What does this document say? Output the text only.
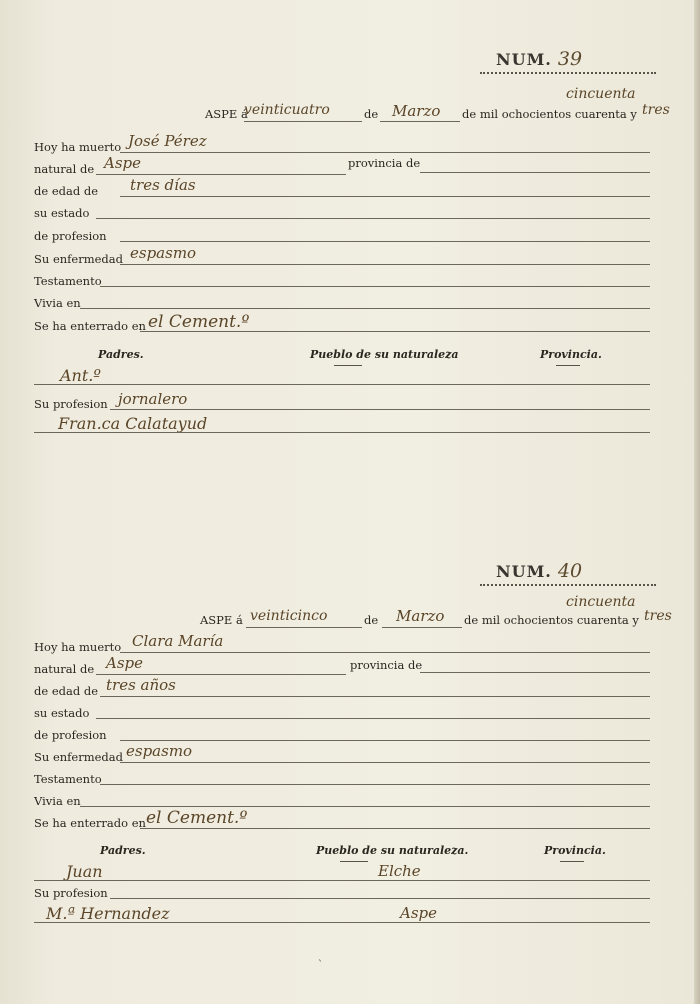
NUM. 39
cincuenta
ASPE á
veinticuatro	de Marzo de mil ochocientos cuarenta y tres
Hoy ha muerto José Pérez
natural de Aspe	provincia de
de edad de tres días
su estado
de profesion
Su enfermedad espasmo
Testamento
Vivia en
Se ha enterrado en el Cement.º
Padres.	Pueblo de su naturaleza	Provincia.
Ant.º
Su profesion jornalero
Fran.ca Calatayud
NUM. 40
cincuenta
ASPE á veinticinco	de Marzo de mil ochocientos cuarenta y tres
Hoy ha muerto Clara María
natural de Aspe	provincia de
de edad de tres años
su estado
de profesion
Su enfermedad espasmo
Testamento
Vivia en
Se ha enterrado en el Cement.º
Padres.	Pueblo de su naturaleza.	Provincia.
Juan	Elche
Su profesion
M.ª Hernandez	Aspe
ˋ
